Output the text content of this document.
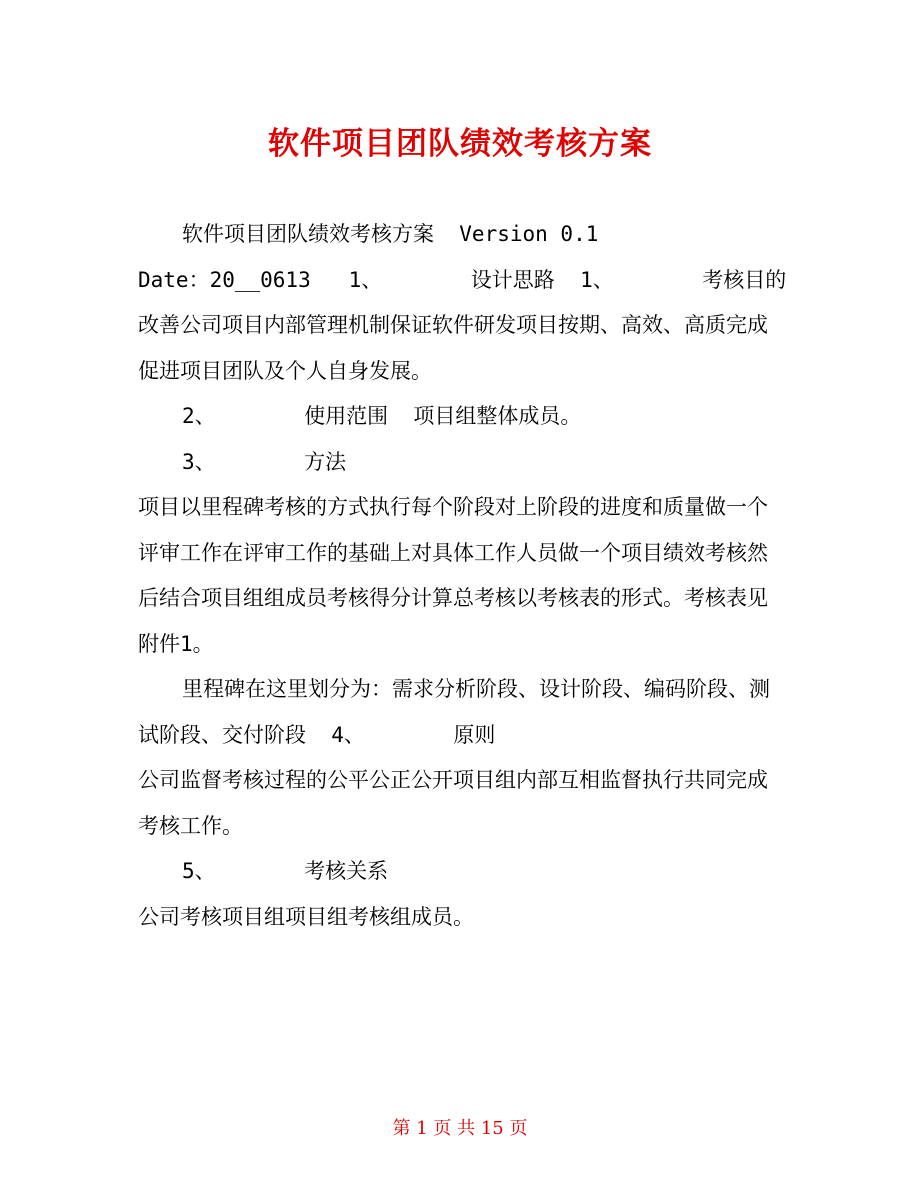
软件项目团队绩效考核方案

软件项目团队绩效考核方案  Version 0.1

Date：20__0613   1、       设计思路  1、       考核目的  改善公司项目内部管理机制保证软件研发项目按期、高效、高质完成促进项目团队及个人自身发展。

2、       使用范围  项目组整体成员。

3、       方法

项目以里程碑考核的方式执行每个阶段对上阶段的进度和质量做一个评审工作在评审工作的基础上对具体工作人员做一个项目绩效考核然后结合项目组组成员考核得分计算总考核以考核表的形式。考核表见附件1。

里程碑在这里划分为：需求分析阶段、设计阶段、编码阶段、测试阶段、交付阶段  4、       原则

公司监督考核过程的公平公正公开项目组内部互相监督执行共同完成考核工作。

5、       考核关系

公司考核项目组项目组考核组成员。

第 1 页 共 15 页
